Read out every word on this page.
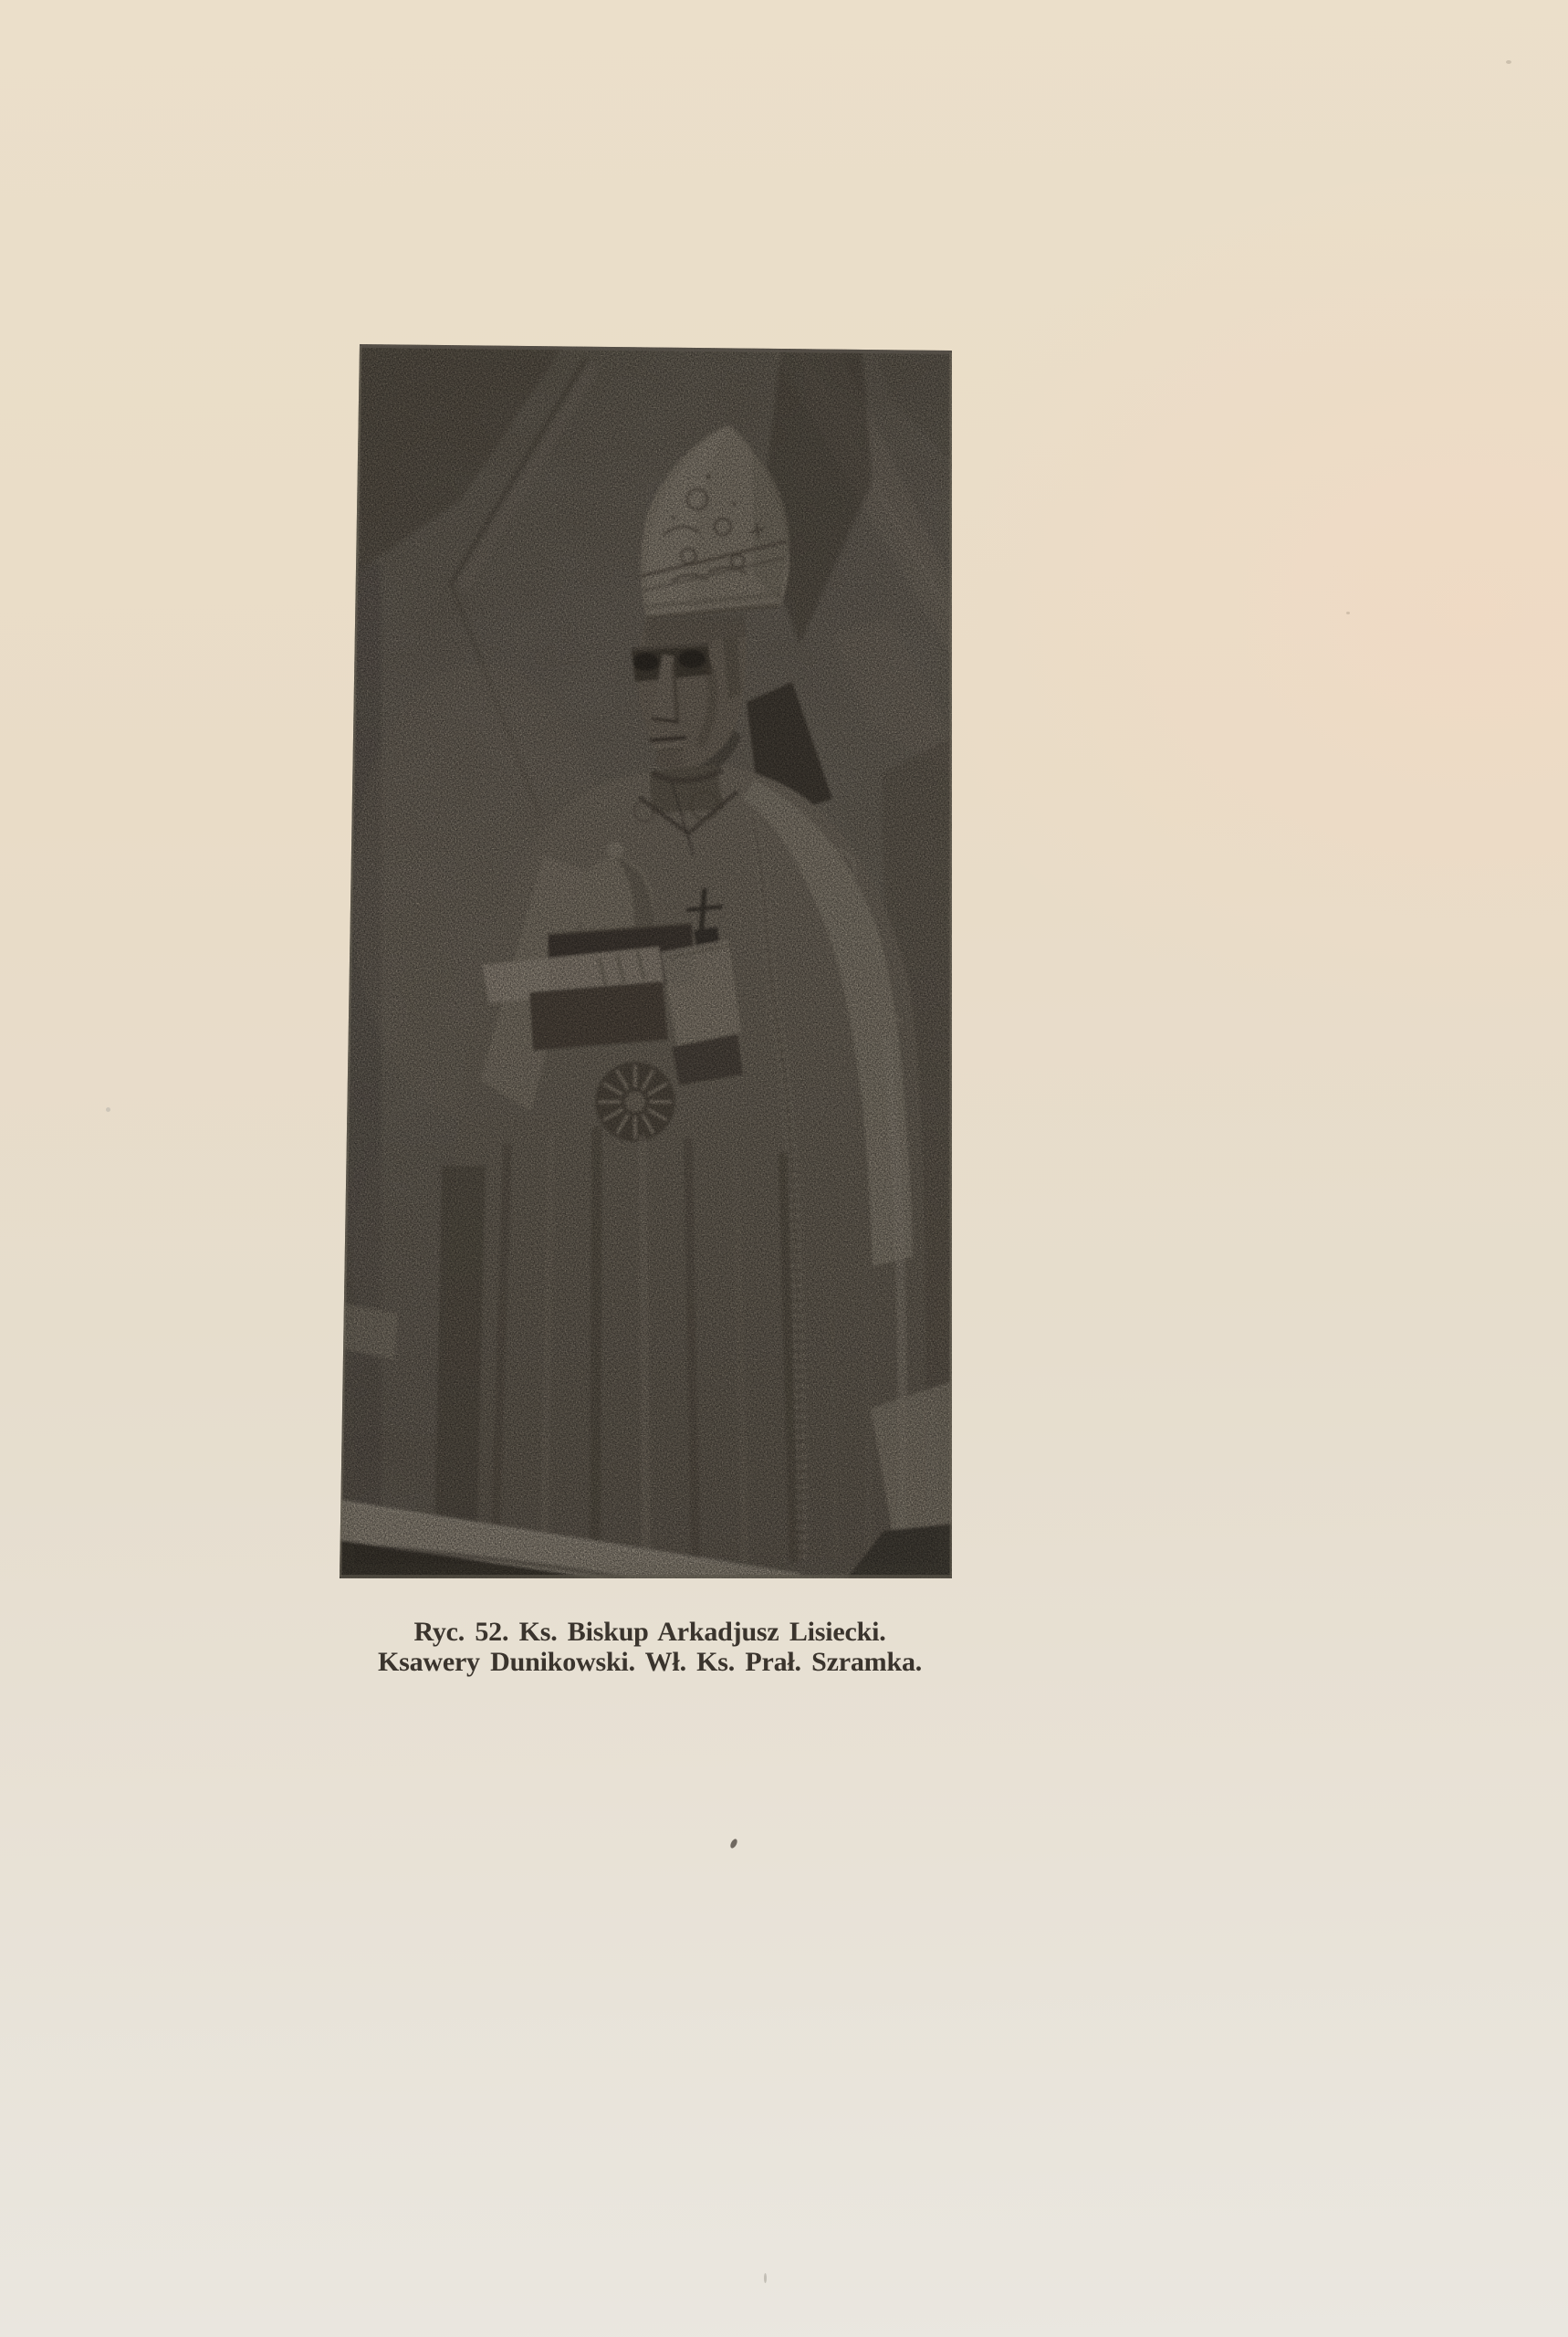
Ryc. 52. Ks. Biskup Arkadjusz Lisiecki.
Ksawery Dunikowski. Wł. Ks. Prał. Szramka.
